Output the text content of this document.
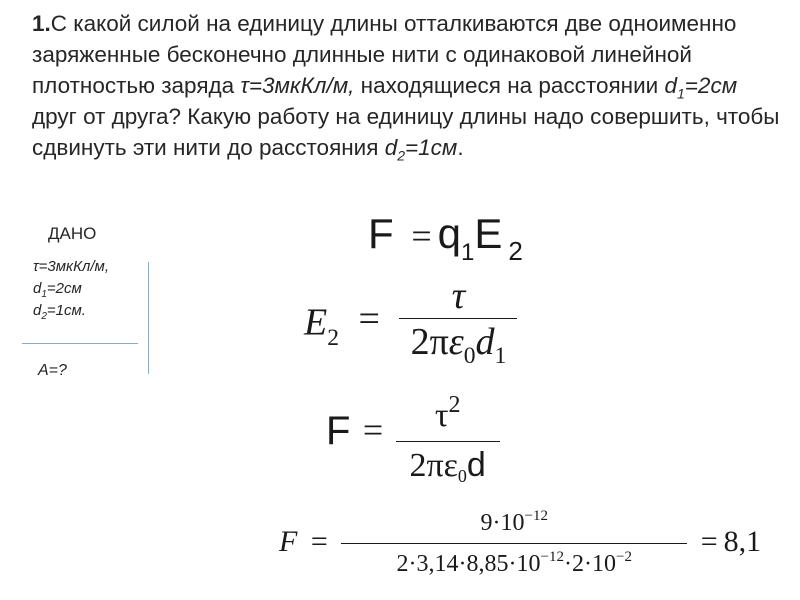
1.С какой силой на единицу длины отталкиваются две одноименно заряженные бесконечно длинные нити с одинаковой линейной плотностью заряда τ=3мкКл/м, находящиеся на расстоянии $d_1=2см$ друг от друга? Какую работу на единицу длины надо совершить, чтобы сдвинуть эти нити до расстояния $d_2=1см$.
ДАНО
τ=3мкКл/м,
$d_1=2см$
$d_2=1см$.
А=?
$F = q_1E$ $_2$
$E_2 = \frac{\tau}{2\pi\varepsilon_0d_1}$
$F = \frac{\tau^2}{2\pi\varepsilon 0d}$
$F = \frac{9\cdot 10^{-12}}{2\cdot 3,14\cdot 8,85\cdot 10^{-12}\cdot 2\cdot 10^{-2}} = 8,1$
